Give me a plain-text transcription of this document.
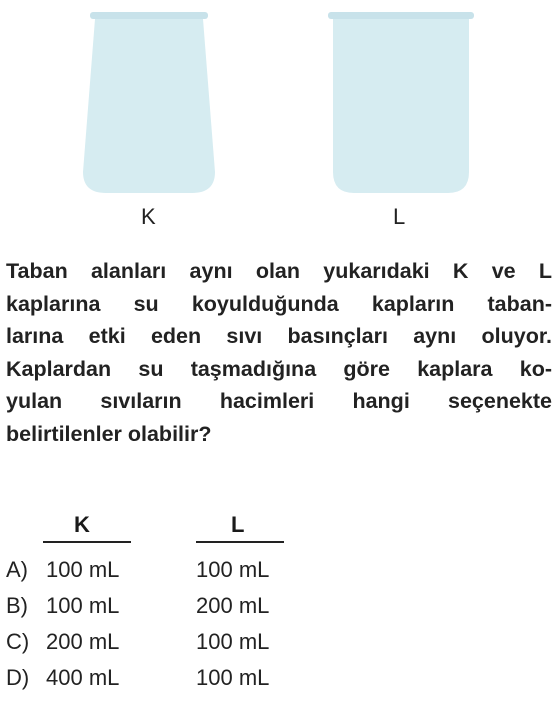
K	L

Taban alanları aynı olan yukarıdaki K ve L

kaplarına su koyulduğunda kapların taban-

larına etki eden sıvı basınçları aynı oluyor.

Kaplardan su taşmadığına göre kaplara ko-

yulan sıvıların hacimleri hangi seçenekte

belirtilenler olabilir?

K	L
A) 100 mL	100 mL
B) 100 mL	200 mL
C) 200 mL	100 mL
D) 400 mL	100 mL
